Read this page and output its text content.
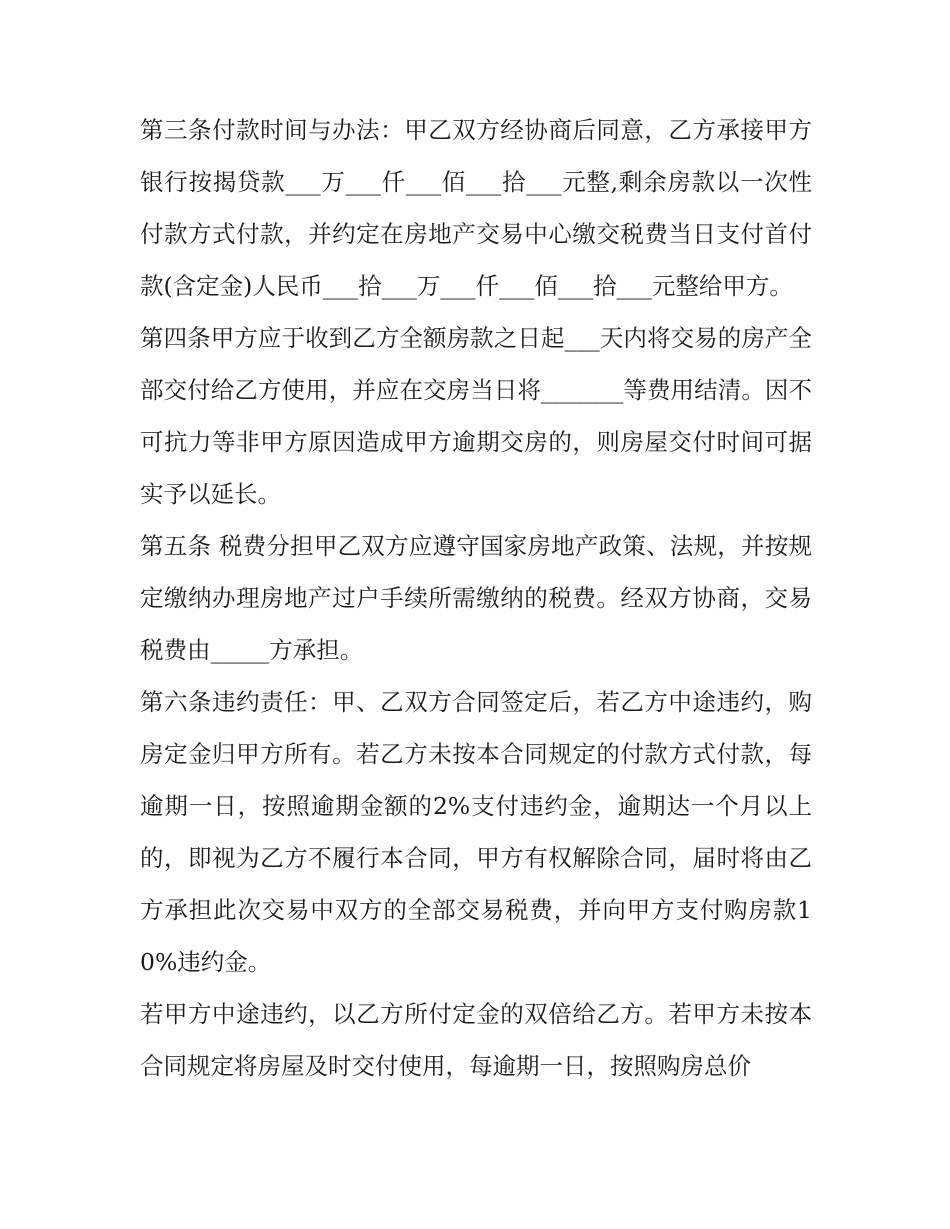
第三条付款时间与办法：甲乙双方经协商后同意，乙方承接甲方银行按揭贷款___万___仟___佰___拾___元整,剩余房款以一次性付款方式付款，并约定在房地产交易中心缴交税费当日支付首付款(含定金)人民币___拾___万___仟___佰___拾___元整给甲方。

第四条甲方应于收到乙方全额房款之日起___天内将交易的房产全部交付给乙方使用，并应在交房当日将_______等费用结清。因不可抗力等非甲方原因造成甲方逾期交房的，则房屋交付时间可据实予以延长。

第五条 税费分担甲乙双方应遵守国家房地产政策、法规，并按规定缴纳办理房地产过户手续所需缴纳的税费。经双方协商，交易税费由_____方承担。

第六条违约责任：甲、乙双方合同签定后，若乙方中途违约，购房定金归甲方所有。若乙方未按本合同规定的付款方式付款，每逾期一日，按照逾期金额的2%支付违约金，逾期达一个月以上的，即视为乙方不履行本合同，甲方有权解除合同，届时将由乙方承担此次交易中双方的全部交易税费，并向甲方支付购房款10%违约金。

若甲方中途违约，以乙方所付定金的双倍给乙方。若甲方未按本合同规定将房屋及时交付使用，每逾期一日，按照购房总价
